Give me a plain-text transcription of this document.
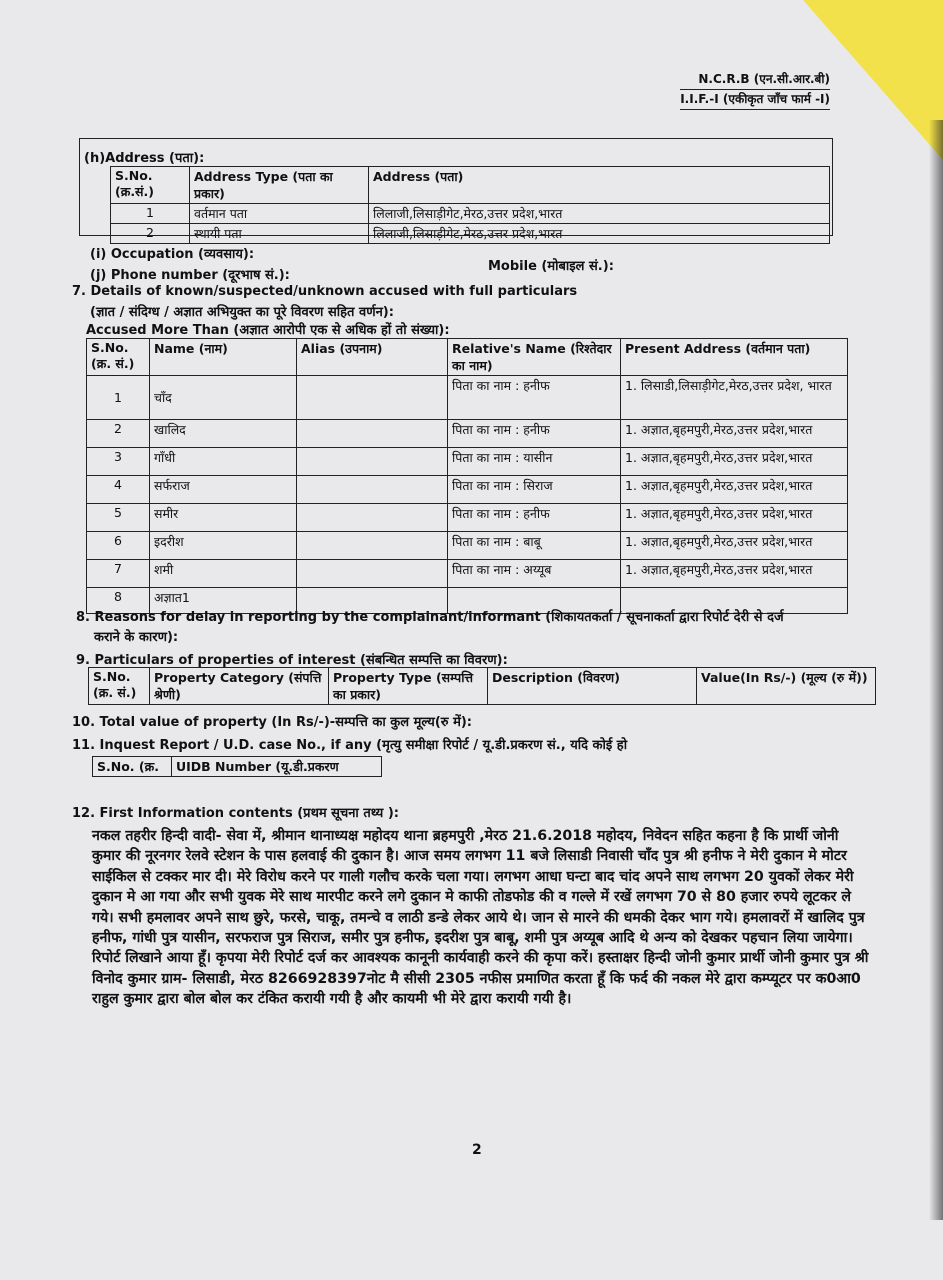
N.C.R.B (एन.सी.आर.बी)
I.I.F.-I (एकीकृत जाँच फार्म -I)
(h)Address (पता):
S.No.(क्र.सं.)	Address Type (पता का प्रकार)	Address (पता)
1	वर्तमान पता	लिलाजी,लिसाड़ीगेट,मेरठ,उत्तर प्रदेश,भारत
2	स्थायी पता	लिलाजी,लिसाड़ीगेट,मेरठ,उत्तर प्रदेश,भारत
(i) Occupation (व्यवसाय):
(j) Phone number (दूरभाष सं.):
Mobile (मोबाइल सं.):
7. Details of known/suspected/unknown accused with full particulars
(ज्ञात / संदिग्ध / अज्ञात अभियुक्त का पूरे विवरण सहित वर्णन):
Accused More Than (अज्ञात आरोपी एक से अधिक हों तो संख्या):
S.No.(क्र. सं.)	Name (नाम)	Alias (उपनाम)	Relative's Name (रिश्तेदार का नाम)	Present Address (वर्तमान पता)
1	चाँद		पिता का नाम : हनीफ	1. लिसाडी,लिसाड़ीगेट,मेरठ,उत्तर प्रदेश, भारत
2	खालिद		पिता का नाम : हनीफ	1. अज्ञात,बृहमपुरी,मेरठ,उत्तर प्रदेश,भारत
3	गाँधी		पिता का नाम : यासीन	1. अज्ञात,बृहमपुरी,मेरठ,उत्तर प्रदेश,भारत
4	सर्फराज		पिता का नाम : सिराज	1. अज्ञात,बृहमपुरी,मेरठ,उत्तर प्रदेश,भारत
5	समीर		पिता का नाम : हनीफ	1. अज्ञात,बृहमपुरी,मेरठ,उत्तर प्रदेश,भारत
6	इदरीश		पिता का नाम : बाबू	1. अज्ञात,बृहमपुरी,मेरठ,उत्तर प्रदेश,भारत
7	शमी		पिता का नाम : अय्यूब	1. अज्ञात,बृहमपुरी,मेरठ,उत्तर प्रदेश,भारत
8	अज्ञात1			
8. Reasons for delay in reporting by the complainant/informant (शिकायतकर्ता / सूचनाकर्ता द्वारा रिपोर्ट देरी से दर्ज
कराने के कारण):
9. Particulars of properties of interest (संबन्धित सम्पत्ति का विवरण):
S.No. (क्र. सं.)	Property Category (संपत्ति श्रेणी)	Property Type (सम्पत्ति का प्रकार)	Description (विवरण)	Value(In Rs/-) (मूल्य (रु में))
10. Total value of property (In Rs/-)-सम्पत्ति का कुल मूल्य(रु में):
11. Inquest Report / U.D. case No., if any (मृत्यु समीक्षा रिपोर्ट / यू.डी.प्रकरण सं., यदि कोई हो
S.No. (क्र.	UIDB Number (यू.डी.प्रकरण
12. First Information contents (प्रथम सूचना तथ्य ):
नकल तहरीर हिन्दी वादी- सेवा में, श्रीमान थानाध्यक्ष महोदय थाना ब्रहमपुरी ,मेरठ 21.6.2018 महोदय, निवेदन सहित कहना है कि प्रार्थी जोनी कुमार की नूरनगर रेलवे स्टेशन के पास हलवाई की दुकान है। आज समय लगभग 11 बजे लिसाडी निवासी चाँद पुत्र श्री हनीफ ने मेरी दुकान मे मोटर साईकिल से टक्कर मार दी। मेरे विरोध करने पर गाली गलौच करके चला गया। लगभग आधा घन्टा बाद चांद अपने साथ लगभग 20 युवकों लेकर मेरी दुकान मे आ गया और सभी युवक मेरे साथ मारपीट करने लगे दुकान मे काफी तोडफोड की व गल्ले में रखें लगभग 70 से 80 हजार रुपये लूटकर ले गये। सभी हमलावर अपने साथ छुरे, फरसे, चाकू, तमन्चे व लाठी डन्डे लेकर आये थे। जान से मारने की धमकी देकर भाग गये। हमलावरों में खालिद पुत्र हनीफ, गांधी पुत्र यासीन, सरफराज पुत्र सिराज, समीर पुत्र हनीफ, इदरीश पुत्र बाबू, शमी पुत्र अय्यूब आदि थे अन्य को देखकर पहचान लिया जायेगा। रिपोर्ट लिखाने आया हूँ। कृपया मेरी रिपोर्ट दर्ज कर आवश्यक कानूनी कार्यवाही करने की कृपा करें। हस्ताक्षर हिन्दी जोनी कुमार प्रार्थी जोनी कुमार पुत्र श्री विनोद कुमार ग्राम- लिसाडी, मेरठ 8266928397नोट मै सीसी 2305 नफीस प्रमाणित करता हूँ कि फर्द की नकल मेरे द्वारा कम्प्यूटर पर क0आ0 राहुल कुमार द्वारा बोल बोल कर टंकित करायी गयी है और कायमी भी मेरे द्वारा करायी गयी है।
2
